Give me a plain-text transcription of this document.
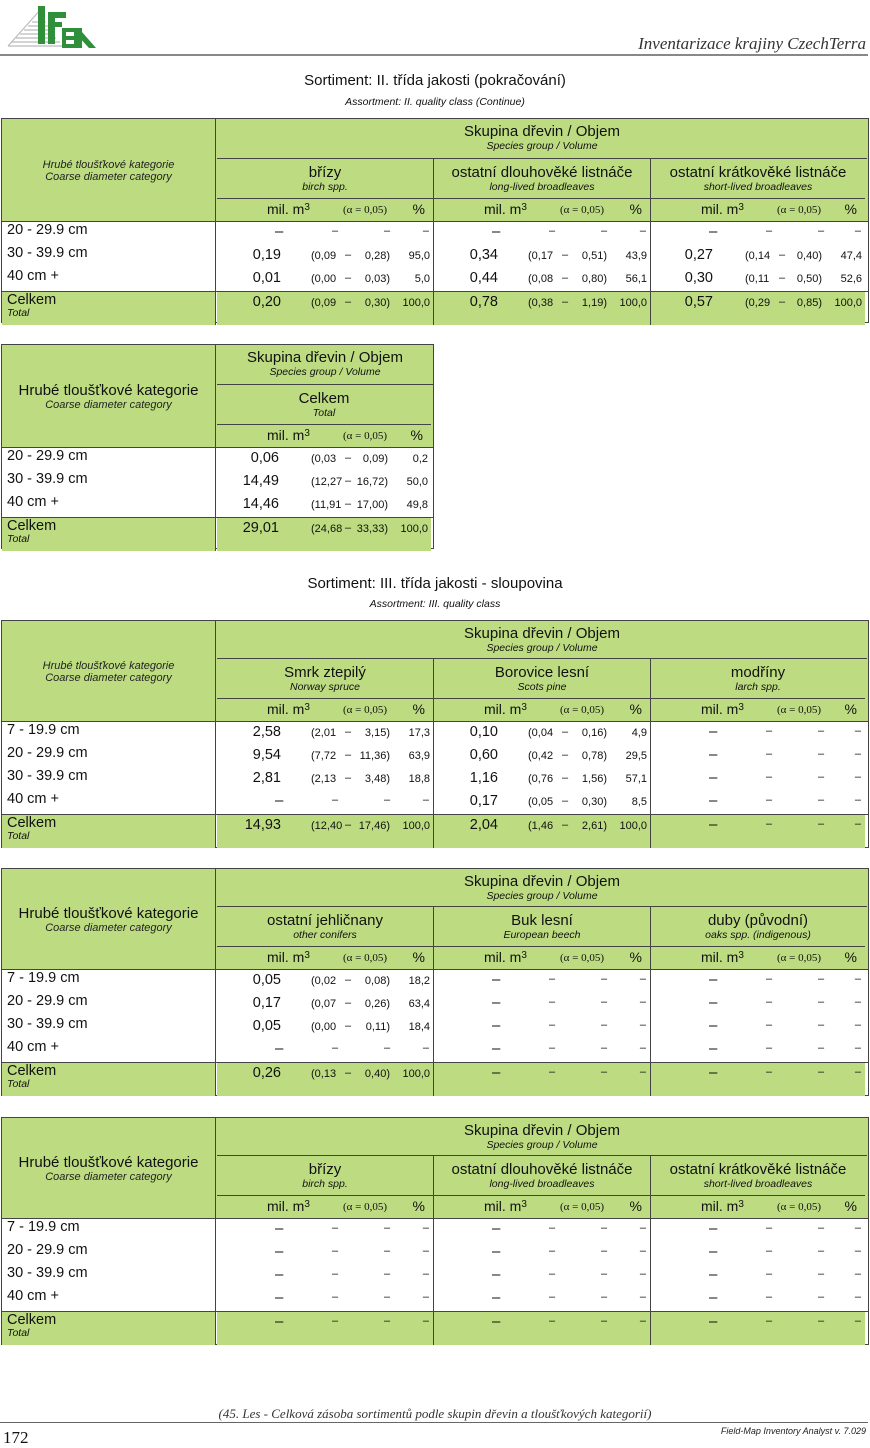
Inventarizace krajiny CzechTerra
Sortiment: II. třída jakosti (pokračování)
Assortment: II. quality class (Continue)
Hrubé tloušťkové kategorie
Coarse diameter category
Skupina dřevin / Objem
Species group / Volume
břízy
birch spp.
mil. $m^3$	(α = 0,05) %
ostatní dlouhověké listnáče
long-lived broadleaves
mil. $m^3$	(α = 0,05) %
ostatní krátkověké listnáče
short-lived broadleaves
mil. $m^3$	(α = 0,05) %
20 - 29.9 cm	–	–	–	–	–	–	–	–	–	–	–	–
30 - 39.9 cm	0,19	(0,09 – 0,28) 95,0	0,34	(0,17 – 0,51) 43,9	0,27	(0,14 – 0,40) 47,4
40 cm +	0,01	(0,00 – 0,03) 5,0	0,44	(0,08 – 0,80) 56,1	0,30	(0,11 – 0,50) 52,6
Celkem
Total
0,20	(0,09 – 0,30) 100,0	0,78	(0,38 – 1,19) 100,0	0,57	(0,29 – 0,85) 100,0
Hrubé tloušťkové kategorie
Coarse diameter category
Skupina dřevin / Objem
Species group / Volume
Celkem
Total
mil. $m^3$	(α = 0,05) %
20 - 29.9 cm	0,06	(0,03 – 0,09) 0,2
30 - 39.9 cm	14,49	(12,27 – 16,72) 50,0
40 cm +	14,46	(11,91 – 17,00) 49,8
Celkem
Total
29,01	(24,68 – 33,33) 100,0
Sortiment: III. třída jakosti - sloupovina
Assortment: III. quality class
Hrubé tloušťkové kategorie
Coarse diameter category
Skupina dřevin / Objem
Species group / Volume
Smrk ztepilý
Norway spruce
mil. $m^3$	(α = 0,05) %
Borovice lesní
Scots pine
mil. $m^3$	(α = 0,05) %
modříny
larch spp.
mil. $m^3$	(α = 0,05) %
7 - 19.9 cm	2,58	(2,01 – 3,15) 17,3	0,10	(0,04 – 0,16) 4,9	–	–	–	–
20 - 29.9 cm	9,54	(7,72 – 11,36) 63,9	0,60	(0,42 – 0,78) 29,5	–	–	–	–
30 - 39.9 cm	2,81	(2,13 – 3,48) 18,8	1,16	(0,76 – 1,56) 57,1	–	–	–	–
40 cm +	–	–	–	–	0,17	(0,05 – 0,30) 8,5	–	–	–	–
Celkem
Total
14,93	(12,40 – 17,46) 100,0	2,04	(1,46 – 2,61) 100,0	–	–	–	–
Hrubé tloušťkové kategorie
Coarse diameter category
Skupina dřevin / Objem
Species group / Volume
ostatní jehličnany
other conifers
mil. $m^3$	(α = 0,05) %
Buk lesní
European beech
mil. $m^3$	(α = 0,05) %
duby (původní)
oaks spp. (indigenous)
mil. $m^3$	(α = 0,05) %
7 - 19.9 cm	0,05	(0,02 – 0,08) 18,2	–	–	–	–	–	–	–	–
20 - 29.9 cm	0,17	(0,07 – 0,26) 63,4	–	–	–	–	–	–	–	–
30 - 39.9 cm	0,05	(0,00 – 0,11) 18,4	–	–	–	–	–	–	–	–
40 cm +	–	–	–	–	–	–	–	–	–	–	–	–
Celkem
Total
0,26	(0,13 – 0,40) 100,0	–	–	–	–	–	–	–	–
Hrubé tloušťkové kategorie
Coarse diameter category
Skupina dřevin / Objem
Species group / Volume
břízy
birch spp.
mil. $m^3$	(α = 0,05) %
ostatní dlouhověké listnáče
long-lived broadleaves
mil. $m^3$	(α = 0,05) %
ostatní krátkověké listnáče
short-lived broadleaves
mil. $m^3$	(α = 0,05) %
7 - 19.9 cm	–	–	–	–	–	–	–	–	–	–	–	–
20 - 29.9 cm	–	–	–	–	–	–	–	–	–	–	–	–
30 - 39.9 cm	–	–	–	–	–	–	–	–	–	–	–	–
40 cm +	–	–	–	–	–	–	–	–	–	–	–	–
Celkem
Total
–	–	–	–	–	–	–	–	–	–	–	–
(45. Les - Celková zásoba sortimentů podle skupin dřevin a tloušťkových kategorií)
172	Field-Map Inventory Analyst v. 7.029
